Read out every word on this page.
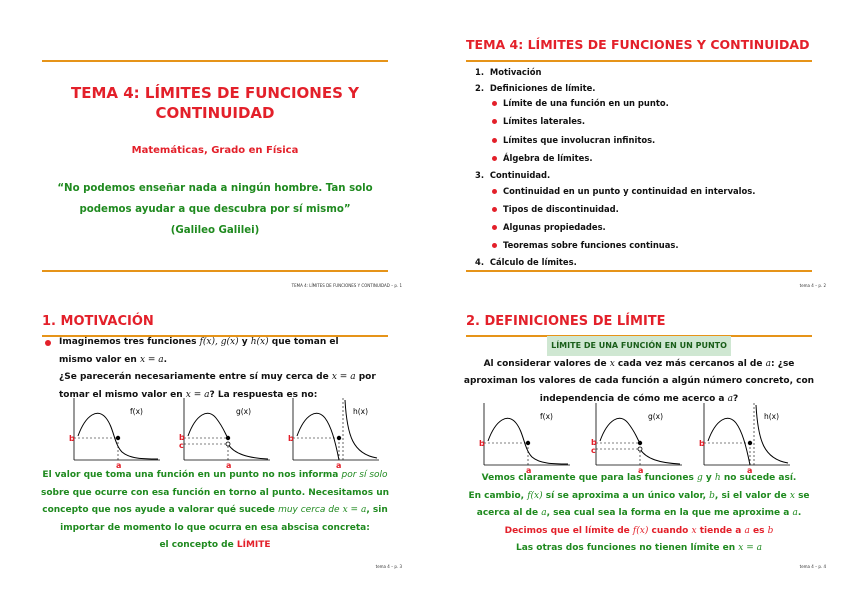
TEMA 4: LÍMITES DE FUNCIONES Y
CONTINUIDAD
Matemáticas, Grado en Física
“No podemos enseñar nada a ningún hombre. Tan solo
podemos ayudar a que descubra por sí mismo”
(Galileo Galilei)
TEMA 4: LÍMITES DE FUNCIONES Y CONTINUIDAD – p. 1
TEMA 4: LÍMITES DE FUNCIONES Y CONTINUIDAD
1. Motivación
2. Definiciones de límite.
Límite de una función en un punto.
Límites laterales.
Límites que involucran infinitos.
Álgebra de límites.
3. Continuidad.
Continuidad en un punto y continuidad en intervalos.
Tipos de discontinuidad.
Algunas propiedades.
Teoremas sobre funciones continuas.
4. Cálculo de límites.
tema 4 – p. 2
1. MOTIVACIÓN
Imaginemos tres funciones f(x), g(x) y h(x) que toman el
mismo valor en x = a.
¿Se parecerán necesariamente entre sí muy cerca de x = a por
tomar el mismo valor en x = a? La respuesta es no:
f(x)
b
a
g(x)
b
c
a
h(x)
b
a
El valor que toma una función en un punto no nos informa por sí solo
sobre que ocurre con esa función en torno al punto. Necesitamos un
concepto que nos ayude a valorar qué sucede muy cerca de x = a, sin
importar de momento lo que ocurra en esa abscisa concreta:
el concepto de LÍMITE
tema 4 – p. 3
2. DEFINICIONES DE LÍMITE
LÍMITE DE UNA FUNCIÓN EN UN PUNTO
Al considerar valores de x cada vez más cercanos al de a: ¿se
aproximan los valores de cada función a algún número concreto, con
independencia de cómo me acerco a a?
f(x)
b
a
g(x)
b
c
a
h(x)
b
a
Vemos claramente que para las funciones g y h no sucede así.
En cambio, f(x) sí se aproxima a un único valor, b, si el valor de x se
acerca al de a, sea cual sea la forma en la que me aproxime a a.
Decimos que el límite de f(x) cuando x tiende a a es b
Las otras dos funciones no tienen límite en x = a
tema 4 – p. 4
